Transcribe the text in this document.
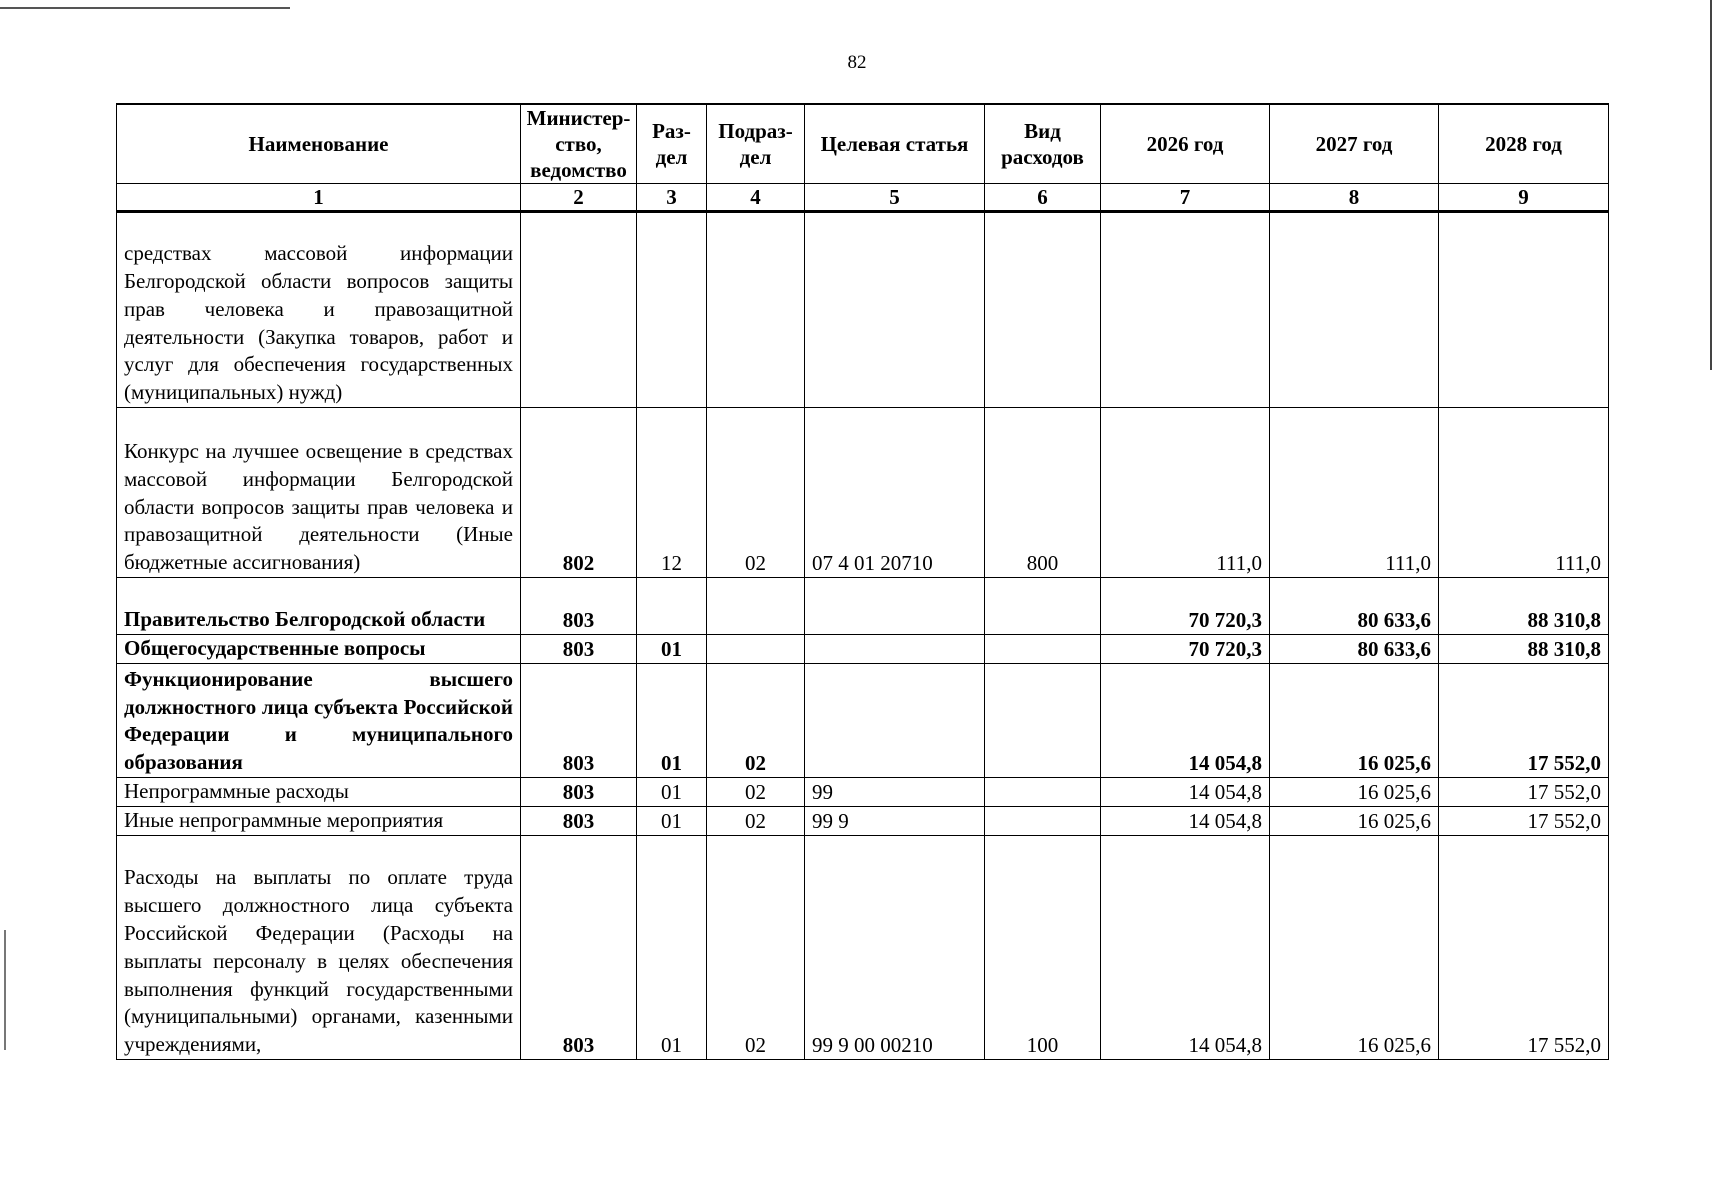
82
Наименование	Министер-ство, ведомство	Раз-дел	Подраз-дел	Целевая статья	Вид расходов	2026 год	2027 год	2028 год
1	2	3	4	5	6	7	8	9
средствах массовой информации Белгородской области вопросов защиты прав человека и правозащитной деятельности (Закупка товаров, работ и услуг для обеспечения государственных (муниципальных) нужд)								
Конкурс на лучшее освещение в средствах массовой информации Белгородской области вопросов защиты прав человека и правозащитной деятельности (Иные бюджетные ассигнования)	802	12	02	07 4 01 20710	800	111,0	111,0	111,0
Правительство Белгородской области	803					70 720,3	80 633,6	88 310,8
Общегосударственные вопросы	803	01				70 720,3	80 633,6	88 310,8
Функционирование высшего должностного лица субъекта Российской Федерации и муниципального образования	803	01	02			14 054,8	16 025,6	17 552,0
Непрограммные расходы	803	01	02	99		14 054,8	16 025,6	17 552,0
Иные непрограммные мероприятия	803	01	02	99 9		14 054,8	16 025,6	17 552,0
Расходы на выплаты по оплате труда высшего должностного лица субъекта Российской Федерации (Расходы на выплаты персоналу в целях обеспечения выполнения функций государственными (муниципальными) органами, казенными учреждениями,	803	01	02	99 9 00 00210	100	14 054,8	16 025,6	17 552,0
